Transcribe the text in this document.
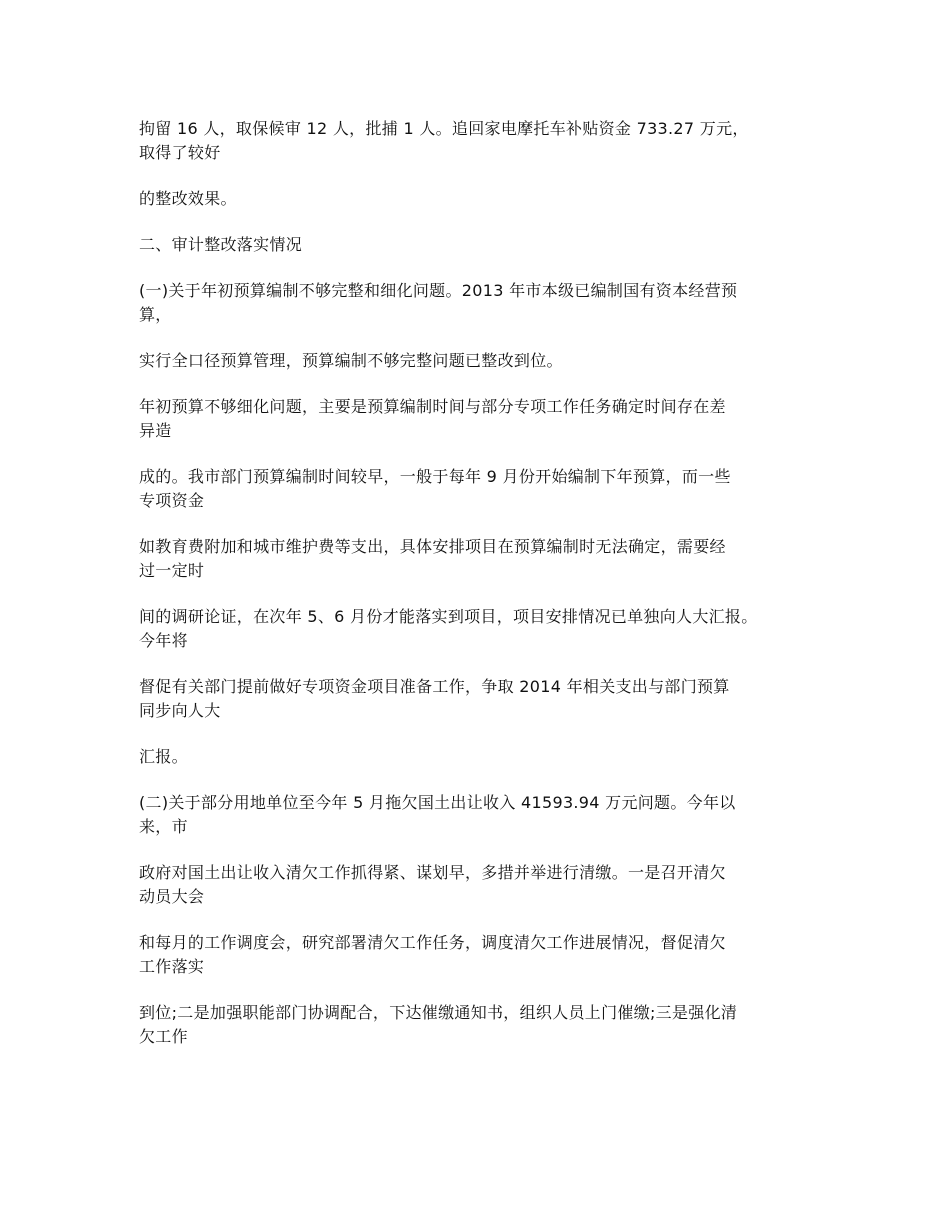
拘留 16 人，取保候审 12 人，批捕 1 人。追回家电摩托车补贴资金 733.27 万元，
取得了较好

的整改效果。

二、审计整改落实情况

(一)关于年初预算编制不够完整和细化问题。2013 年市本级已编制国有资本经营预
算，

实行全口径预算管理，预算编制不够完整问题已整改到位。

年初预算不够细化问题，主要是预算编制时间与部分专项工作任务确定时间存在差
异造

成的。我市部门预算编制时间较早，一般于每年 9 月份开始编制下年预算，而一些
专项资金

如教育费附加和城市维护费等支出，具体安排项目在预算编制时无法确定，需要经
过一定时

间的调研论证，在次年 5、6 月份才能落实到项目，项目安排情况已单独向人大汇报。
今年将

督促有关部门提前做好专项资金项目准备工作，争取 2014 年相关支出与部门预算
同步向人大

汇报。

(二)关于部分用地单位至今年 5 月拖欠国土出让收入 41593.94 万元问题。今年以
来，市

政府对国土出让收入清欠工作抓得紧、谋划早，多措并举进行清缴。一是召开清欠
动员大会

和每月的工作调度会，研究部署清欠工作任务，调度清欠工作进展情况，督促清欠
工作落实

到位;二是加强职能部门协调配合，下达催缴通知书，组织人员上门催缴;三是强化清
欠工作
